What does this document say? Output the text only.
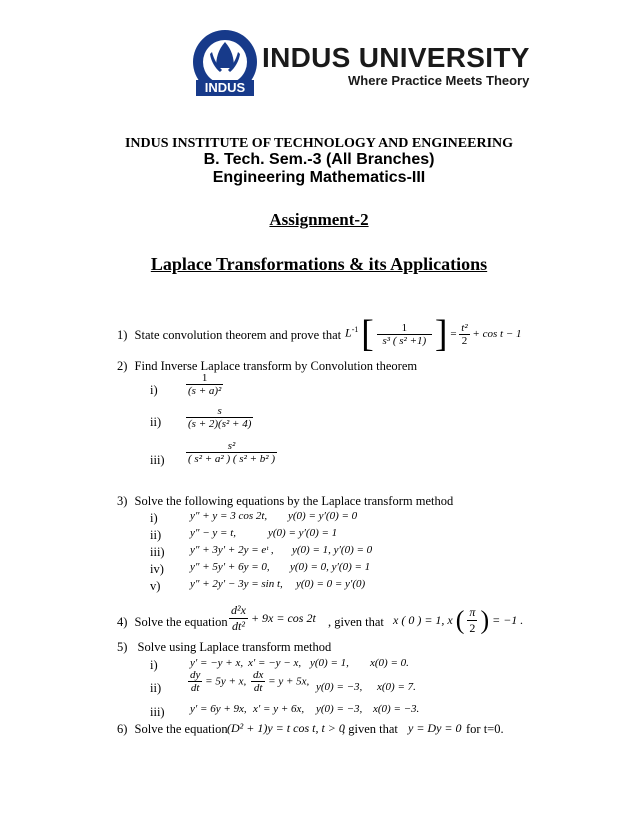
INDUS
INDUS UNIVERSITY
Where Practice Meets Theory
INDUS INSTITUTE OF TECHNOLOGY AND ENGINEERING
B. Tech. Sem.-3 (All Branches)
Engineering Mathematics-III
Assignment-2
Laplace Transformations & its Applications
1) State convolution theorem and prove that $L^{-1}$ [ $\frac{1}{\text{s³ ( s² +1)}}$ ] = $\frac{\text{t²}}{2} + \cos t - 1$
2) Find Inverse Laplace transform by Convolution theorem
i)	$\frac{1}{\text{(s + a)²}}$
$ii) \frac{s}{\text{(s + 2)(s² + 4)}}$
$iii) \frac{\text{s²}}{\text{( s² + a² ) ( s² + b² )}}$
3) Solve the following equations by the Laplace transform method
i)	y″ + y = 3 cos 2t, y(0) = y′(0) = 0
ii)	y″ − y = t,	y(0) = y′(0) = 1
iii) y″ + 3y′ + 2y = eᵗ , y(0) = 1, y′(0) = 0
iv) y″ + 5y′ + 6y = 0, y(0) = 0, y′(0) = 1
v)	y″ + 2y′ − 3y = sin t, y(0) = 0 = y′(0)
4) Solve the equation $\frac{\text{d²x}}{\text{dt²}} + 9x = \cos 2t$ , given that x ( 0 ) = 1, x ( $\frac{\pi}{2}$ ) = −1 .
5) Solve using Laplace transform method
i)	y′ = −y + x, x′ = −y − x, y(0) = 1, x(0) = 0.
$ii) \frac{dy}{dt} = 5y + x$, $\frac{dx}{dt} = y + 5x$, y(0) = −3, x(0) = 7.
iii) y′ = 6y + 9x, x′ = y + 6x, y(0) = −3, x(0) = −3.
6) Solve the equation (D² + 1)y = t cos t, t > 0
, given that y = Dy = 0 for t=0.
